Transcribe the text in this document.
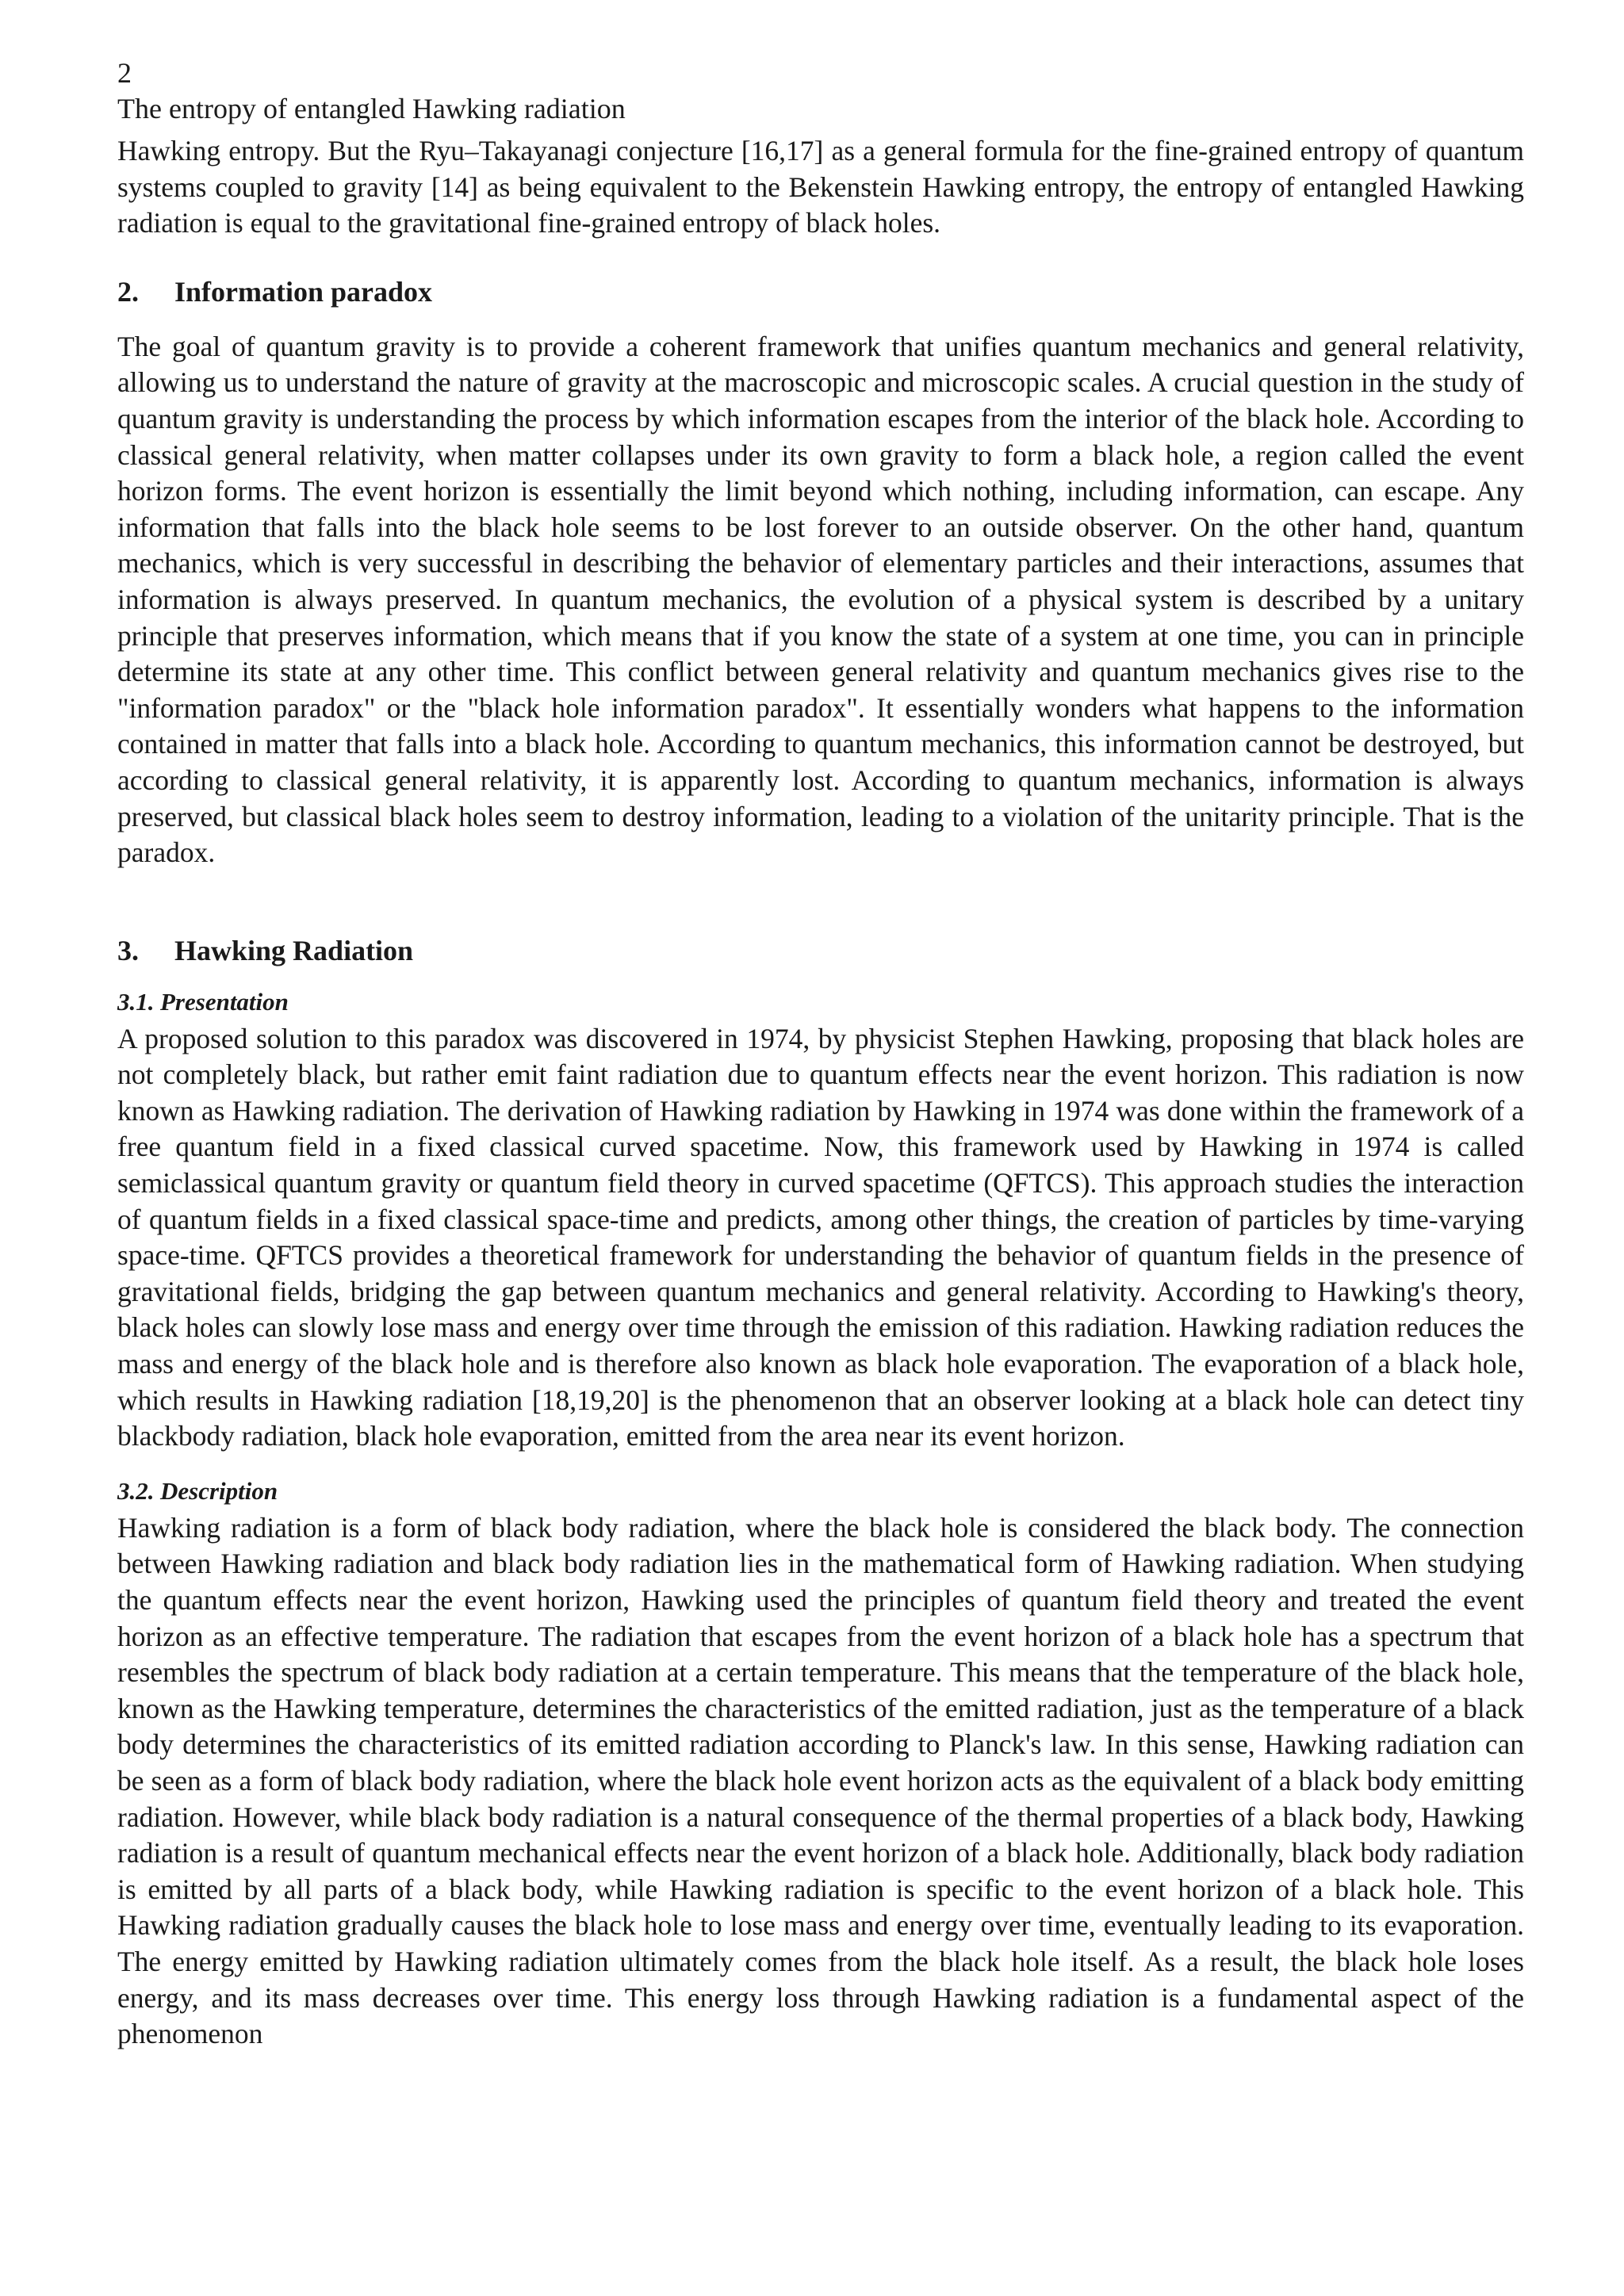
2
The entropy of entangled Hawking radiation

Hawking entropy. But the Ryu–Takayanagi conjecture [16,17] as a general formula for the fine-grained entropy of quantum systems coupled to gravity [14] as being equivalent to the Bekenstein Hawking entropy, the entropy of entangled Hawking radiation is equal to the gravitational fine-grained entropy of black holes.

2. Information paradox

The goal of quantum gravity is to provide a coherent framework that unifies quantum mechanics and general relativity, allowing us to understand the nature of gravity at the macroscopic and microscopic scales. A crucial question in the study of quantum gravity is understanding the process by which information escapes from the interior of the black hole. According to classical general relativity, when matter collapses under its own gravity to form a black hole, a region called the event horizon forms. The event horizon is essentially the limit beyond which nothing, including information, can escape. Any information that falls into the black hole seems to be lost forever to an outside observer. On the other hand, quantum mechanics, which is very successful in describing the behavior of elementary particles and their interactions, assumes that information is always preserved. In quantum mechanics, the evolution of a physical system is described by a unitary principle that preserves information, which means that if you know the state of a system at one time, you can in principle determine its state at any other time. This conflict between general relativity and quantum mechanics gives rise to the "information paradox" or the "black hole information paradox". It essentially wonders what happens to the information contained in matter that falls into a black hole. According to quantum mechanics, this information cannot be destroyed, but according to classical general relativity, it is apparently lost. According to quantum mechanics, information is always preserved, but classical black holes seem to destroy information, leading to a violation of the unitarity principle. That is the paradox.

3. Hawking Radiation
3.1. Presentation

A proposed solution to this paradox was discovered in 1974, by physicist Stephen Hawking, proposing that black holes are not completely black, but rather emit faint radiation due to quantum effects near the event horizon. This radiation is now known as Hawking radiation. The derivation of Hawking radiation by Hawking in 1974 was done within the framework of a free quantum field in a fixed classical curved spacetime. Now, this framework used by Hawking in 1974 is called semiclassical quantum gravity or quantum field theory in curved spacetime (QFTCS). This approach studies the interaction of quantum fields in a fixed classical space-time and predicts, among other things, the creation of particles by time-varying space-time. QFTCS provides a theoretical framework for understanding the behavior of quantum fields in the presence of gravitational fields, bridging the gap between quantum mechanics and general relativity. According to Hawking's theory, black holes can slowly lose mass and energy over time through the emission of this radiation. Hawking radiation reduces the mass and energy of the black hole and is therefore also known as black hole evaporation. The evaporation of a black hole, which results in Hawking radiation [18,19,20] is the phenomenon that an observer looking at a black hole can detect tiny blackbody radiation, black hole evaporation, emitted from the area near its event horizon.

3.2. Description

Hawking radiation is a form of black body radiation, where the black hole is considered the black body. The connection between Hawking radiation and black body radiation lies in the mathematical form of Hawking radiation. When studying the quantum effects near the event horizon, Hawking used the principles of quantum field theory and treated the event horizon as an effective temperature. The radiation that escapes from the event horizon of a black hole has a spectrum that resembles the spectrum of black body radiation at a certain temperature. This means that the temperature of the black hole, known as the Hawking temperature, determines the characteristics of the emitted radiation, just as the temperature of a black body determines the characteristics of its emitted radiation according to Planck's law. In this sense, Hawking radiation can be seen as a form of black body radiation, where the black hole event horizon acts as the equivalent of a black body emitting radiation. However, while black body radiation is a natural consequence of the thermal properties of a black body, Hawking radiation is a result of quantum mechanical effects near the event horizon of a black hole. Additionally, black body radiation is emitted by all parts of a black body, while Hawking radiation is specific to the event horizon of a black hole. This Hawking radiation gradually causes the black hole to lose mass and energy over time, eventually leading to its evaporation. The energy emitted by Hawking radiation ultimately comes from the black hole itself. As a result, the black hole loses energy, and its mass decreases over time. This energy loss through Hawking radiation is a fundamental aspect of the phenomenon
